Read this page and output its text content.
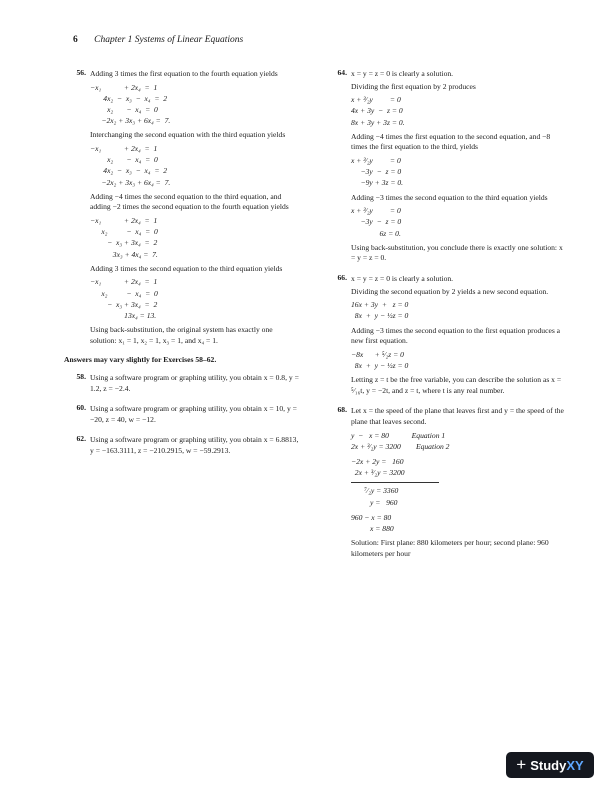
6 Chapter 1 Systems of Linear Equations
56. Adding 3 times the first equation to the fourth equation yields
−x₁            + 2x₄  =  1
4x₂  −  x₃  −  x₄  =  2
x₂       −  x₄  =  0
−2x₂ + 3x₃ + 6x₄ =  7.
Interchanging the second equation with the third equation yields
−x₁            + 2x₄  =  1
x₂       −  x₄  =  0
4x₂  −  x₃  −  x₄  =  2
−2x₂ + 3x₃ + 6x₄ =  7.
Adding −4 times the second equation to the third equation, and adding −2 times the second equation to the fourth equation yields
−x₁            + 2x₄  =  1
x₂          −  x₄  =  0
−  x₃ + 3x₄  =  2
3x₃ + 4x₄ =  7.
Adding 3 times the second equation to the third equation yields
−x₁            + 2x₄  =  1
x₂          −  x₄  =  0
−  x₃ + 3x₄  =  2
13x₄ = 13.
Using back-substitution, the original system has exactly one solution: x₁ = 1, x₂ = 1, x₃ = 1, and x₄ = 1.
Answers may vary slightly for Exercises 58–62.
58. Using a software program or graphing utility, you obtain x = 0.8, y = 1.2, z = −2.4.
60. Using a software program or graphing utility, you obtain x = 10, y = −20, z = 40, w = −12.
62. Using a software program or graphing utility, you obtain x = 6.8813, y = −163.3111, z = −210.2915, w = −59.2913.
64. x = y = z = 0 is clearly a solution.
Dividing the first equation by 2 produces
x + ³⁄₂y         = 0
4x + 3y  −  z = 0
8x + 3y + 3z = 0.
Adding −4 times the first equation to the second equation, and −8 times the first equation to the third, yields
x + ³⁄₂y         = 0
−3y  −  z = 0
−9y + 3z = 0.
Adding −3 times the second equation to the third equation yields
x + ³⁄₂y         = 0
−3y  −  z = 0
6z = 0.
Using back-substitution, you conclude there is exactly one solution: x = y = z = 0.
66. x = y = z = 0 is clearly a solution.
Dividing the second equation by 2 yields a new second equation.
16x + 3y  +   z = 0
8x  +  y − ½z = 0
Adding −3 times the second equation to the first equation produces a new first equation.
−8x      + ⁵⁄₂z = 0
8x  +  y − ½z = 0
Letting z = t be the free variable, you can describe the solution as x = ⁵⁄₁₆t, y = −2t, and z = t, where t is any real number.
68. Let x = the speed of the plane that leaves first and y = the speed of the plane that leaves second.
y  −   x = 80            Equation 1
2x + ³⁄₂y = 3200        Equation 2
−2x + 2y =   160
2x + ³⁄₂y = 3200
⁷⁄₂y = 3360
y =   960
960 − x = 80
x = 880
Solution: First plane: 880 kilometers per hour; second plane: 960 kilometers per hour
+ Study XY
